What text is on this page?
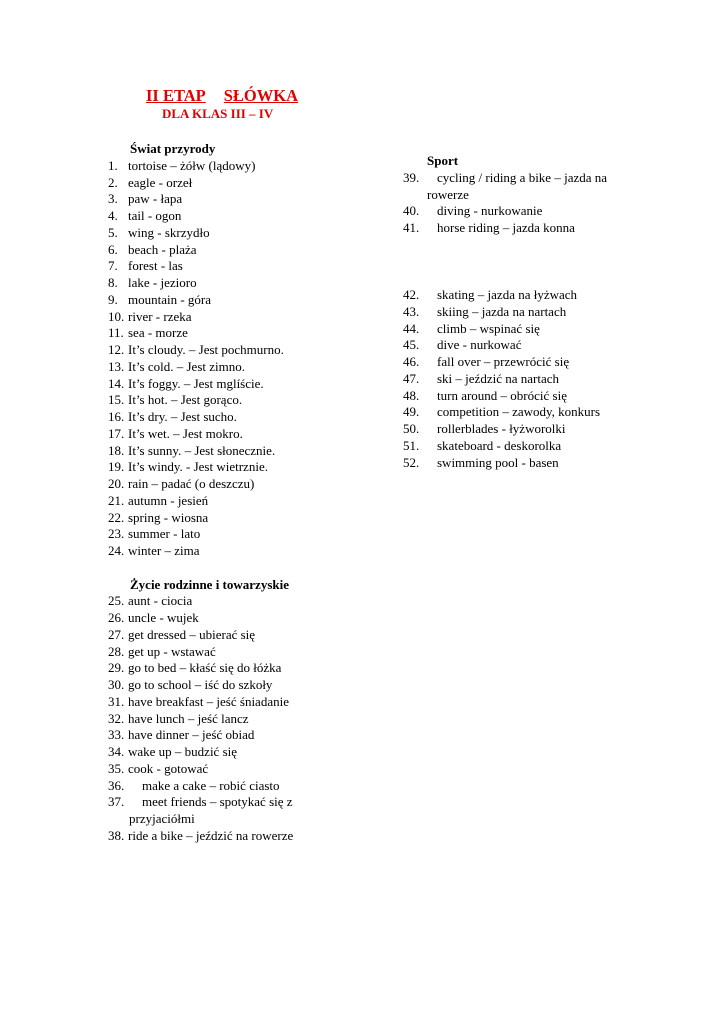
II ETAP SŁÓWKA
DLA KLAS III – IV
Świat przyrody
1. tortoise – żółw (lądowy)
2. eagle - orzeł
3. paw - łapa
4. tail - ogon
5. wing - skrzydło
6. beach - plaża
7. forest - las
8. lake - jezioro
9. mountain - góra
10. river - rzeka
11. sea - morze
12. It’s cloudy. – Jest pochmurno.
13. It’s cold. – Jest zimno.
14. It’s foggy. – Jest mglíście.
15. It’s hot. – Jest gorąco.
16. It’s dry. – Jest sucho.
17. It’s wet. – Jest mokro.
18. It’s sunny. – Jest słonecznie.
19. It’s windy. - Jest wietrznie.
20. rain – padać (o deszczu)
21. autumn - jesień
22. spring - wiosna
23. summer - lato
24. winter – zima
Życie rodzinne i towarzyskie
25. aunt - ciocia
26. uncle - wujek
27. get dressed – ubierać się
28. get up - wstawać
29. go to bed – kłaść się do łóżka
30. go to school – iść do szkoły
31. have breakfast – jeść śniadanie
32. have lunch – jeść lancz
33. have dinner – jeść obiad
34. wake up – budzić się
35. cook - gotować
36.	make a cake – robić ciasto
37.	meet friends – spotykać się z
przyjaciółmi
38. ride a bike – jeździć na rowerze
Sport
39.	cycling / riding a bike – jazda na
rowerze
40.	diving - nurkowanie
41.	horse riding – jazda konna
42.	skating – jazda na łyżwach
43.	skiing – jazda na nartach
44.	climb – wspinać się
45.	dive - nurkować
46.	fall over – przewrócić się
47.	ski – jeździć na nartach
48.	turn around – obrócić się
49.	competition – zawody, konkurs
50.	rollerblades - łyżworolki
51.	skateboard - deskorolka
52.	swimming pool - basen
